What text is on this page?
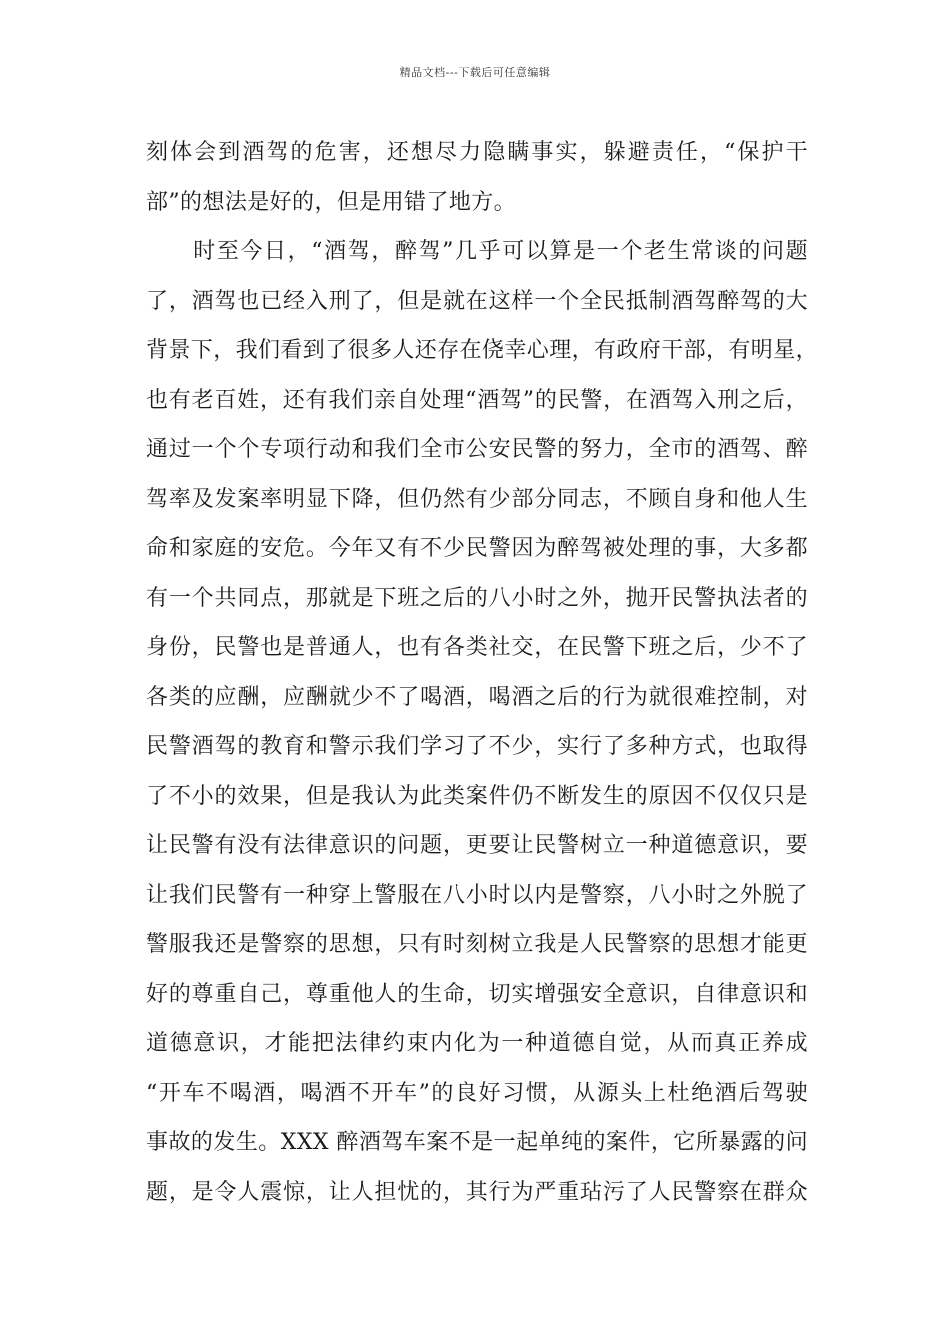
精品文档---下载后可任意编辑
刻体会到酒驾的危害，还想尽力隐瞒事实，躲避责任，“保护干
部”的想法是好的，但是用错了地方。
　　时至今日，“酒驾，醉驾”几乎可以算是一个老生常谈的问题
了，酒驾也已经入刑了，但是就在这样一个全民抵制酒驾醉驾的大
背景下，我们看到了很多人还存在侥幸心理，有政府干部，有明星，
也有老百姓，还有我们亲自处理“酒驾”的民警，在酒驾入刑之后，
通过一个个专项行动和我们全市公安民警的努力，全市的酒驾、醉
驾率及发案率明显下降，但仍然有少部分同志，不顾自身和他人生
命和家庭的安危。今年又有不少民警因为醉驾被处理的事，大多都
有一个共同点，那就是下班之后的八小时之外，抛开民警执法者的
身份，民警也是普通人，也有各类社交，在民警下班之后，少不了
各类的应酬，应酬就少不了喝酒，喝酒之后的行为就很难控制，对
民警酒驾的教育和警示我们学习了不少，实行了多种方式，也取得
了不小的效果，但是我认为此类案件仍不断发生的原因不仅仅只是
让民警有没有法律意识的问题，更要让民警树立一种道德意识，要
让我们民警有一种穿上警服在八小时以内是警察，八小时之外脱了
警服我还是警察的思想，只有时刻树立我是人民警察的思想才能更
好的尊重自己，尊重他人的生命，切实增强安全意识，自律意识和
道德意识，才能把法律约束内化为一种道德自觉，从而真正养成
“开车不喝酒，喝酒不开车”的良好习惯，从源头上杜绝酒后驾驶
事故的发生。XXX 醉酒驾车案不是一起单纯的案件，它所暴露的问
题，是令人震惊，让人担忧的，其行为严重玷污了人民警察在群众
